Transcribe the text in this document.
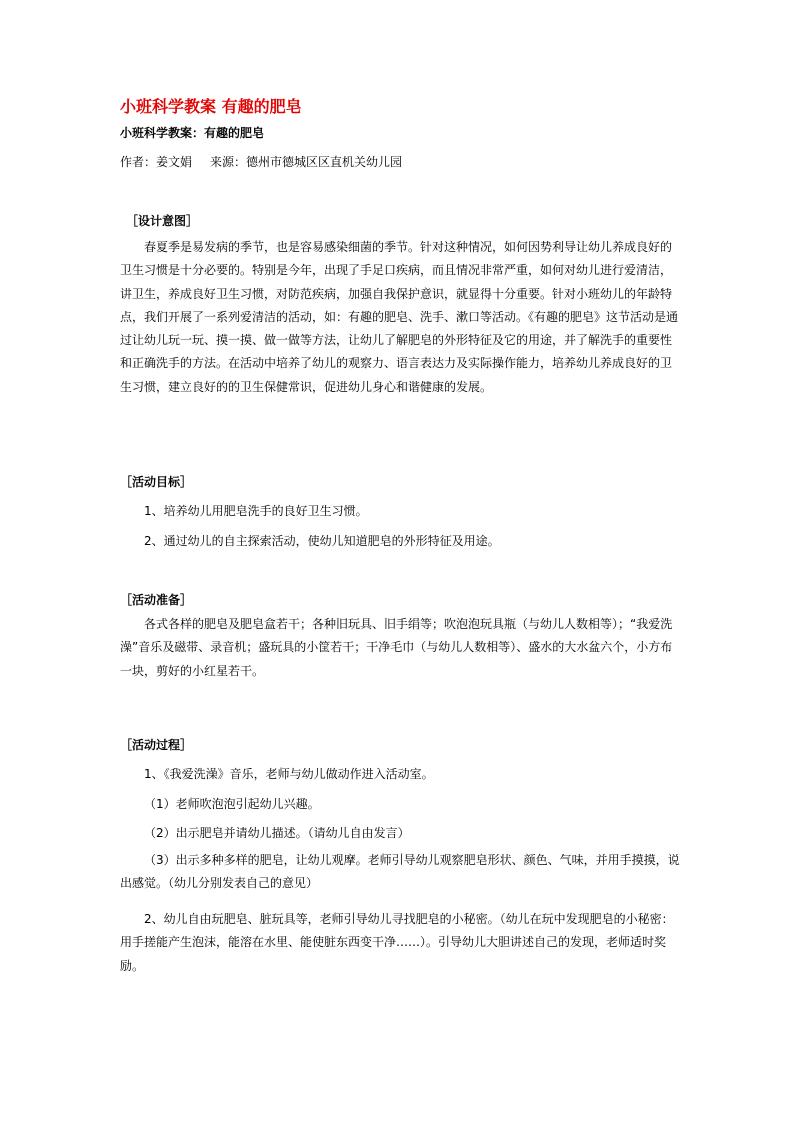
小班科学教案 有趣的肥皂
小班科学教案：有趣的肥皂
作者：姜文娟 来源：德州市德城区区直机关幼儿园
［设计意图］
春夏季是易发病的季节，也是容易感染细菌的季节。针对这种情况，如何因势利导让幼儿养成良好的卫生习惯是十分必要的。特别是今年，出现了手足口疾病，而且情况非常严重，如何对幼儿进行爱清洁，讲卫生，养成良好卫生习惯，对防范疾病，加强自我保护意识，就显得十分重要。针对小班幼儿的年龄特点，我们开展了一系列爱清洁的活动，如：有趣的肥皂、洗手、漱口等活动。《有趣的肥皂》这节活动是通过让幼儿玩一玩、摸一摸、做一做等方法，让幼儿了解肥皂的外形特征及它的用途，并了解洗手的重要性和正确洗手的方法。在活动中培养了幼儿的观察力、语言表达力及实际操作能力，培养幼儿养成良好的卫生习惯，建立良好的的卫生保健常识，促进幼儿身心和谐健康的发展。
［活动目标］
1、培养幼儿用肥皂洗手的良好卫生习惯。
2、通过幼儿的自主探索活动，使幼儿知道肥皂的外形特征及用途。
［活动准备］
各式各样的肥皂及肥皂盒若干；各种旧玩具、旧手绢等；吹泡泡玩具瓶（与幼儿人数相等）；“我爱洗澡”音乐及磁带、录音机；盛玩具的小筐若干；干净毛巾（与幼儿人数相等）、盛水的大水盆六个，小方布一块，剪好的小红星若干。
［活动过程］
1、《我爱洗澡》音乐，老师与幼儿做动作进入活动室。
（1）老师吹泡泡引起幼儿兴趣。
（2）出示肥皂并请幼儿描述。（请幼儿自由发言）
（3）出示多种多样的肥皂，让幼儿观摩。老师引导幼儿观察肥皂形状、颜色、气味，并用手摸摸，说出感觉。（幼儿分别发表自己的意见）
2、幼儿自由玩肥皂、脏玩具等，老师引导幼儿寻找肥皂的小秘密。（幼儿在玩中发现肥皂的小秘密：用手搓能产生泡沫，能溶在水里、能使脏东西变干净……）。引导幼儿大胆讲述自己的发现，老师适时奖励。
